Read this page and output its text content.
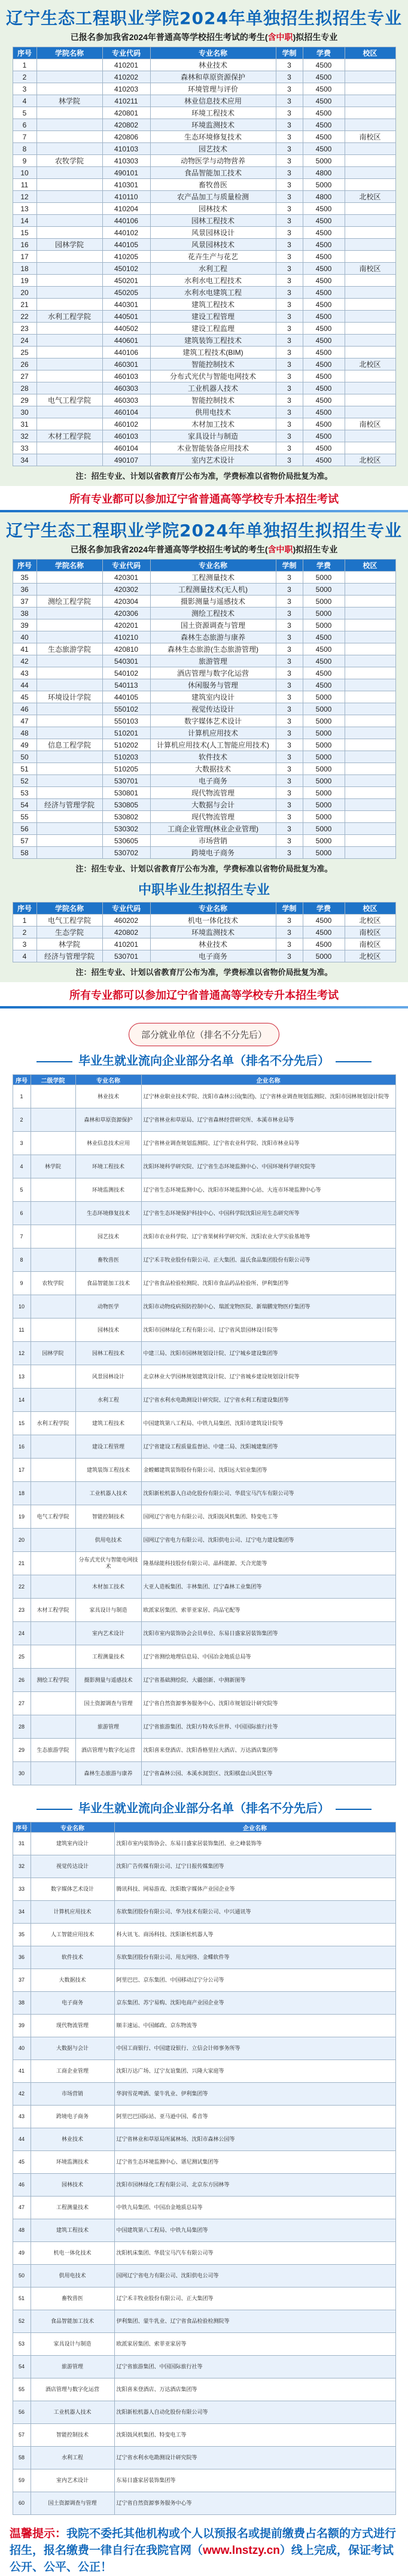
辽宁生态工程职业学院2024年单独招生拟招生专业
已报名参加我省2024年普通高等学校招生考试的考生(含中职)拟招生专业
序号	学院名称	专业代码	专业名称	学制	学费	校区
1		410201	林业技术	3	4500	
2		410202	森林和草原资源保护	3	4500	
3		410203	环境管理与评价	3	4500	
4	林学院	410211	林业信息技术应用	3	4500	
5		420801	环境工程技术	3	4500	
6		420802	环境监测技术	3	4500	
7		420806	生态环境修复技术	3	4500	南校区
8		410103	园艺技术	3	4500	
9	农牧学院	410303	动物医学与动物营养	3	5000	
10		490101	食品智能加工技术	3	4800	
11		410301	畜牧兽医	3	5000	
12		410110	农产品加工与质量检测	3	4800	北校区
13		410204	园林技术	3	4500	
14		440106	园林工程技术	3	4500	
15		440102	风景园林设计	3	4500	
16	园林学院	440105	风景园林技术	3	4500	
17		410205	花卉生产与花艺	3	4500	
18		450102	水利工程	3	4500	南校区
19		450201	水利水电工程技术	3	4500	
20		450205	水利水电建筑工程	3	4500	
21		440301	建筑工程技术	3	4500	
22	水利工程学院	440501	建设工程管理	3	4500	
23		440502	建设工程监理	3	4500	
24		440601	建筑装饰工程技术	3	4500	
25		440106	建筑工程技术(BIM)	3	4500	
26		460301	智能控制技术	3	4500	北校区
27		460103	分布式光伏与智能电网技术	3	4500	
28		460303	工业机器人技术	3	4500	
29	电气工程学院	460303	智能控制技术	3	4500	
30		460104	供用电技术	3	4500	
31		460102	木材加工技术	3	4500	南校区
32	木材工程学院	460103	家具设计与制造	3	4500	
33		460104	木业智能装备应用技术	3	4500	
34		490107	室内艺术设计	3	4500	北校区
注：招生专业、计划以省教育厅公布为准，学费标准以省物价局批复为准。
所有专业都可以参加辽宁省普通高等学校专升本招生考试
辽宁生态工程职业学院2024年单独招生拟招生专业
已报名参加我省2024年普通高等学校招生考试的考生(含中职)拟招生专业
序号	学院名称	专业代码	专业名称	学制	学费	校区
35		420301	工程测量技术	3	5000	
36		420302	工程测量技术(无人机)	3	5000	
37	测绘工程学院	420304	摄影测量与遥感技术	3	5000	
38		420306	测绘工程技术	3	5000	
39		420201	国土资源调查与管理	3	5000	
40		410210	森林生态旅游与康养	3	4500	
41	生态旅游学院	420810	森林生态旅游(生态旅游管理)	3	4500	
42		540301	旅游管理	3	4500	
43		540102	酒店管理与数字化运营	3	4500	
44		540113	休闲服务与管理	3	4500	
45	环境设计学院	440105	建筑室内设计	3	5000	
46		550102	视觉传达设计	3	5000	
47		550103	数字媒体艺术设计	3	5000	
48		510201	计算机应用技术	3	5000	
49	信息工程学院	510202	计算机应用技术(人工智能应用技术)	3	5000	
50		510203	软件技术	3	5000	
51		510205	大数据技术	3	5000	
52		530701	电子商务	3	5000	
53		530801	现代物流管理	3	5000	
54	经济与管理学院	530805	大数据与会计	3	5000	
55		530802	现代物流管理	3	5000	
56		530302	工商企业管理(林业企业管理)	3	5000	
57		530605	市场营销	3	5000	
58		530702	跨境电子商务	3	5000	
注：招生专业、计划以省教育厅公布为准，学费标准以省物价局批复为准。
中职毕业生拟招生专业
序号	学院名称	专业代码	专业名称	学制	学费	校区
1	电气工程学院	460202	机电一体化技术	3	4500	北校区
2	生态学院	420802	环境监测技术	3	4500	南校区
3	林学院	410201	林业技术	3	4500	南校区
4	经济与管理学院	530701	电子商务	3	5000	北校区
注：招生专业、计划以省教育厅公布为准，学费标准以省物价局批复为准。
所有专业都可以参加辽宁省普通高等学校专升本招生考试
部分就业单位（排名不分先后）
毕业生就业流向企业部分名单（排名不分先后）
序号	二级学院	专业名称	企业名称
1		林业技术	辽宁林业职业技术学院、沈阳市森林公园(集团)、辽宁省林业调查规划监测院、沈阳市园林规划设计院等
2		森林和草原资源保护	辽宁省林业和草原局、辽宁省森林经营研究所、本溪市林业局等
3		林业信息技术应用	辽宁省林业调查规划监测院、辽宁省农业科学院、沈阳市林业局等
4	林学院	环境工程技术	沈阳环境科学研究院、辽宁省生态环境监测中心、中国环境科学研究院等
5		环境监测技术	辽宁省生态环境监测中心、沈阳市环境监测中心站、大连市环境监测中心等
6		生态环境修复技术	辽宁省生态环境保护科技中心、中国科学院沈阳应用生态研究所等
7		园艺技术	沈阳市农业科学院、辽宁省果树科学研究所、沈阳农业大学实验基地等
8		畜牧兽医	辽宁禾丰牧业股份有限公司、正大集团、温氏食品集团股份有限公司等
9	农牧学院	食品智能加工技术	辽宁省食品检验检测院、沈阳市食品药品检验所、伊利集团等
10		动物医学	沈阳市动物疫病预防控制中心、瑞派宠物医院、新瑞鹏宠物医疗集团等
11		园林技术	沈阳市园林绿化工程有限公司、辽宁省风景园林设计院等
12	园林学院	园林工程技术	中建三局、沈阳市园林规划设计院、辽宁城乡建设集团等
13		风景园林设计	北京林业大学园林规划建筑设计院、辽宁省城乡建设规划设计院等
14		水利工程	辽宁省水利水电勘测设计研究院、辽宁省水利工程建设集团等
15	水利工程学院	建筑工程技术	中国建筑第八工程局、中铁九局集团、沈阳市建筑设计院等
16		建设工程管理	辽宁省建设工程质量监督站、中建二局、沈阳城建集团等
17		建筑装饰工程技术	金螳螂建筑装饰股份有限公司、沈阳远大铝业集团等
18		工业机器人技术	沈阳新松机器人自动化股份有限公司、华晨宝马汽车有限公司等
19	电气工程学院	智能控制技术	国网辽宁省电力有限公司、沈阳鼓风机集团、特变电工等
20		供用电技术	国网辽宁省电力有限公司、沈阳供电公司、辽宁电力建设集团等
21		分布式光伏与智能电网技术	隆基绿能科技股份有限公司、晶科能源、天合光能等
22		木材加工技术	大亚人造板集团、丰林集团、辽宁森林工业集团等
23	木材工程学院	家具设计与制造	欧派家居集团、索菲亚家居、尚品宅配等
24		室内艺术设计	沈阳市室内装饰协会会员单位、东易日盛家居装饰集团等
25		工程测量技术	辽宁省测绘地理信息局、中国冶金地质总局等
26	测绘工程学院	摄影测量与遥感技术	辽宁省基础测绘院、大疆创新、中测新图等
27		国土资源调查与管理	辽宁省自然资源事务服务中心、沈阳市规划设计研究院等
28		旅游管理	辽宁省旅游集团、沈阳方特欢乐世界、中国国际旅行社等
29	生态旅游学院	酒店管理与数字化运营	沈阳喜来登酒店、沈阳香格里拉大酒店、万达酒店集团等
30		森林生态旅游与康养	辽宁省森林公园、本溪水洞景区、沈阳棋盘山风景区等
毕业生就业流向企业部分名单（排名不分先后）
序号	专业名称	企业名称
31	建筑室内设计	沈阳市室内装饰协会、东易日盛家居装饰集团、业之峰装饰等
32	视觉传达设计	沈阳广告传媒有限公司、辽宁日报传媒集团等
33	数字媒体艺术设计	腾讯科技、网易游戏、沈阳数字媒体产业园企业等
34	计算机应用技术	东软集团股份有限公司、华为技术有限公司、中兴通讯等
35	人工智能应用技术	科大讯飞、商汤科技、沈阳新松机器人等
36	软件技术	东软集团股份有限公司、用友网络、金蝶软件等
37	大数据技术	阿里巴巴、京东集团、中国移动辽宁分公司等
38	电子商务	京东集团、苏宁易购、沈阳电商产业园企业等
39	现代物流管理	顺丰速运、中国邮政、京东物流等
40	大数据与会计	中国工商银行、中国建设银行、立信会计师事务所等
41	工商企业管理	沈阳万达广场、辽宁友谊集团、兴隆大家庭等
42	市场营销	华润雪花啤酒、蒙牛乳业、伊利集团等
43	跨境电子商务	阿里巴巴国际站、亚马逊中国、希音等
44	林业技术	辽宁省林业和草原局所属林场、沈阳市森林公园等
45	环境监测技术	辽宁省生态环境监测中心、谱尼测试集团等
46	园林技术	沈阳市园林绿化工程有限公司、北京东方园林等
47	工程测量技术	中铁九局集团、中国冶金地质总局等
48	建筑工程技术	中国建筑第八工程局、中铁九局集团等
49	机电一体化技术	沈阳机床集团、华晨宝马汽车有限公司等
50	供用电技术	国网辽宁省电力有限公司、沈阳供电公司等
51	畜牧兽医	辽宁禾丰牧业股份有限公司、正大集团等
52	食品智能加工技术	伊利集团、蒙牛乳业、辽宁省食品检验检测院等
53	家具设计与制造	欧派家居集团、索菲亚家居等
54	旅游管理	辽宁省旅游集团、中国国际旅行社等
55	酒店管理与数字化运营	沈阳喜来登酒店、万达酒店集团等
56	工业机器人技术	沈阳新松机器人自动化股份有限公司等
57	智能控制技术	沈阳鼓风机集团、特变电工等
58	水利工程	辽宁省水利水电勘测设计研究院等
59	室内艺术设计	东易日盛家居装饰集团等
60	国土资源调查与管理	辽宁省自然资源事务服务中心等
温馨提示：我院不委托其他机构或个人以预报名或提前缴费占名额的方式进行招生，报名缴费一律自行在我院官网（www.lnstzy.cn）线上完成，保证考试公开、公平、公正！
